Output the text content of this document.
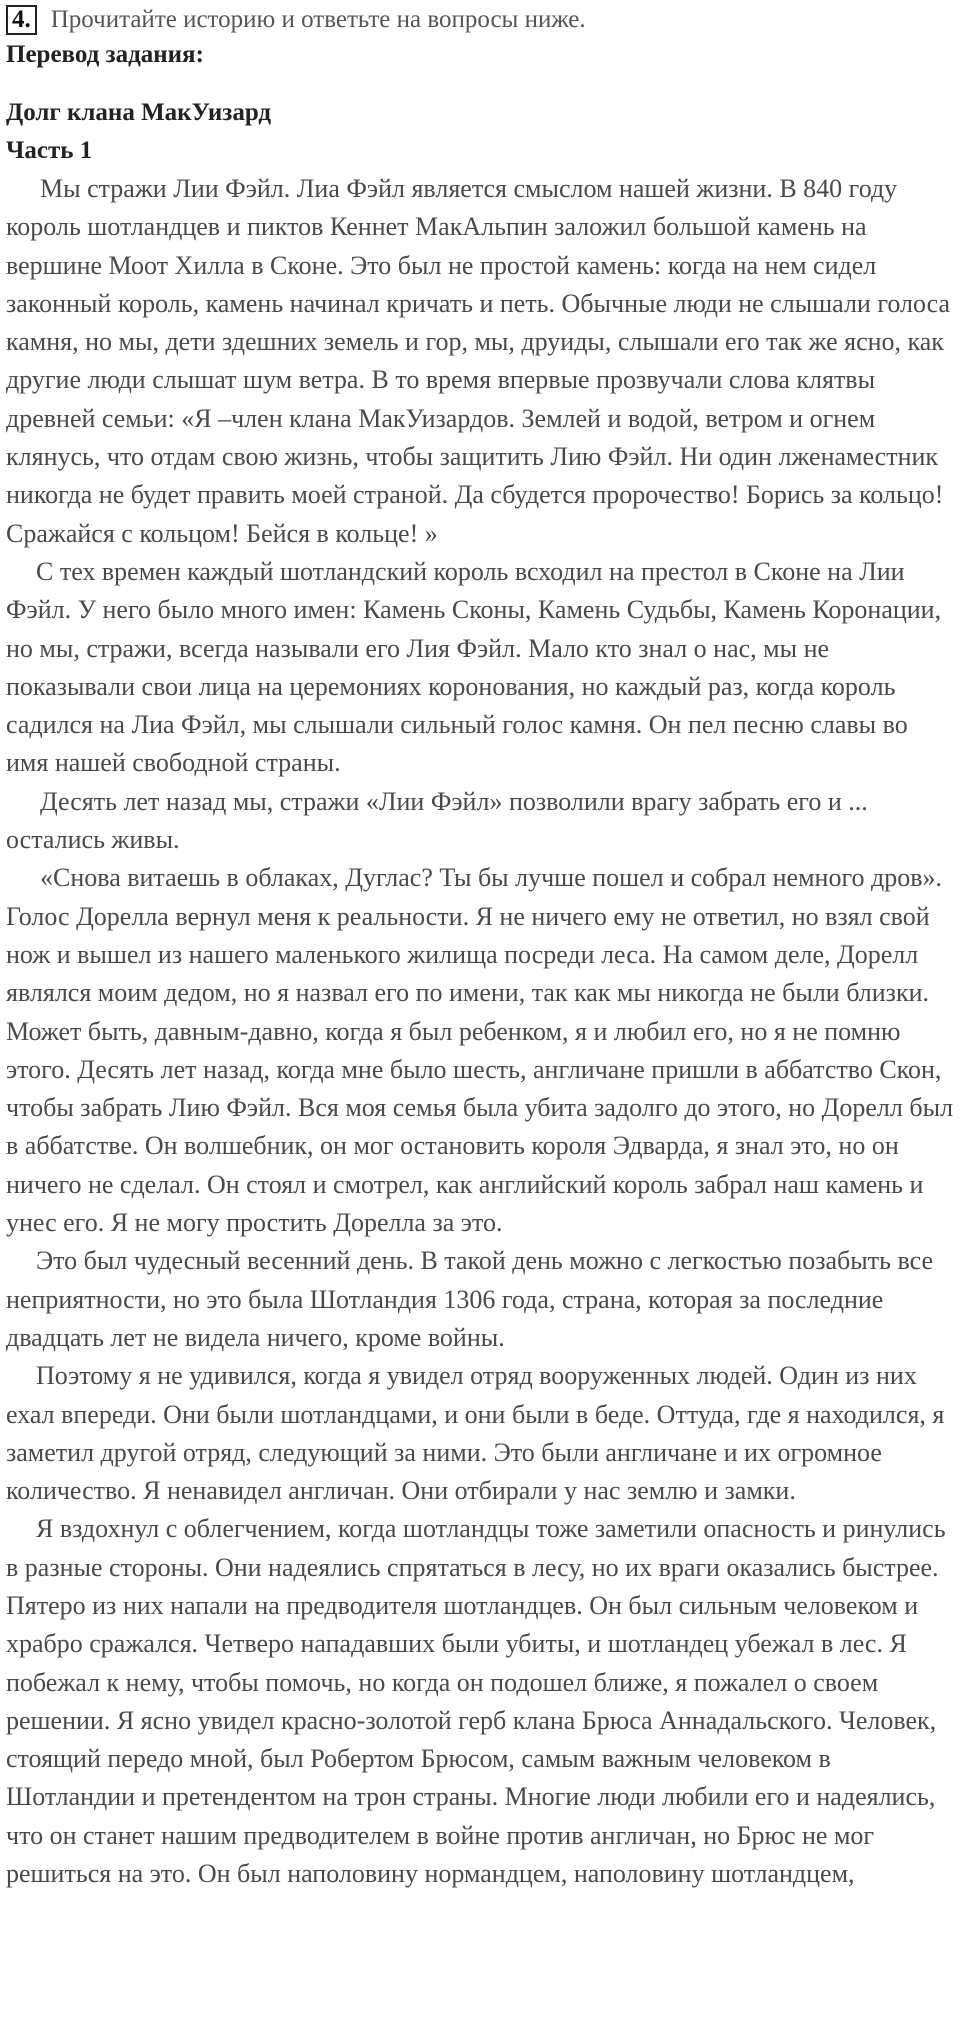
4. Прочитайте историю и ответьте на вопросы ниже.
Перевод задания:
Долг клана МакУизард
Часть 1

Мы стражи Лии Фэйл. Лиа Фэйл является смыслом нашей жизни. В 840 году король шотландцев и пиктов Кеннет МакАльпин заложил большой камень на вершине Моот Хилла в Сконе. Это был не простой камень: когда на нем сидел законный король, камень начинал кричать и петь. Обычные люди не слышали голоса камня, но мы, дети здешних земель и гор, мы, друиды, слышали его так же ясно, как другие люди слышат шум ветра. В то время впервые прозвучали слова клятвы древней семьи: «Я –член клана МакУизардов. Землей и водой, ветром и огнем клянусь, что отдам свою жизнь, чтобы защитить Лию Фэйл. Ни один лженаместник никогда не будет править моей страной. Да сбудется пророчество! Борись за кольцо! Сражайся с кольцом! Бейся в кольце! »

С тех времен каждый шотландский король всходил на престол в Сконе на Лии Фэйл. У него было много имен: Камень Сконы, Камень Судьбы, Камень Коронации, но мы, стражи, всегда называли его Лия Фэйл. Мало кто знал о нас, мы не показывали свои лица на церемониях коронования, но каждый раз, когда король садился на Лиа Фэйл, мы слышали сильный голос камня. Он пел песню славы во имя нашей свободной страны.

Десять лет назад мы, стражи «Лии Фэйл» позволили врагу забрать его и ... остались живы.

«Снова витаешь в облаках, Дуглас? Ты бы лучше пошел и собрал немного дров». Голос Дорелла вернул меня к реальности. Я не ничего ему не ответил, но взял свой нож и вышел из нашего маленького жилища посреди леса. На самом деле, Дорелл являлся моим дедом, но я назвал его по имени, так как мы никогда не были близки. Может быть, давным-давно, когда я был ребенком, я и любил его, но я не помню этого. Десять лет назад, когда мне было шесть, англичане пришли в аббатство Скон, чтобы забрать Лию Фэйл. Вся моя семья была убита задолго до этого, но Дорелл был в аббатстве. Он волшебник, он мог остановить короля Эдварда, я знал это, но он ничего не сделал. Он стоял и смотрел, как английский король забрал наш камень и унес его. Я не могу простить Дорелла за это.

Это был чудесный весенний день. В такой день можно с легкостью позабыть все неприятности, но это была Шотландия 1306 года, страна, которая за последние двадцать лет не видела ничего, кроме войны.

Поэтому я не удивился, когда я увидел отряд вооруженных людей. Один из них ехал впереди. Они были шотландцами, и они были в беде. Оттуда, где я находился, я заметил другой отряд, следующий за ними. Это были англичане и их огромное количество. Я ненавидел англичан. Они отбирали у нас землю и замки.

Я вздохнул с облегчением, когда шотландцы тоже заметили опасность и ринулись в разные стороны. Они надеялись спрятаться в лесу, но их враги оказались быстрее. Пятеро из них напали на предводителя шотландцев. Он был сильным человеком и храбро сражался. Четверо нападавших были убиты, и шотландец убежал в лес. Я побежал к нему, чтобы помочь, но когда он подошел ближе, я пожалел о своем решении. Я ясно увидел красно-золотой герб клана Брюса Аннадальского. Человек, стоящий передо мной, был Робертом Брюсом, самым важным человеком в Шотландии и претендентом на трон страны. Многие люди любили его и надеялись, что он станет нашим предводителем в войне против англичан, но Брюс не мог решиться на это. Он был наполовину нормандцем, наполовину шотландцем,
